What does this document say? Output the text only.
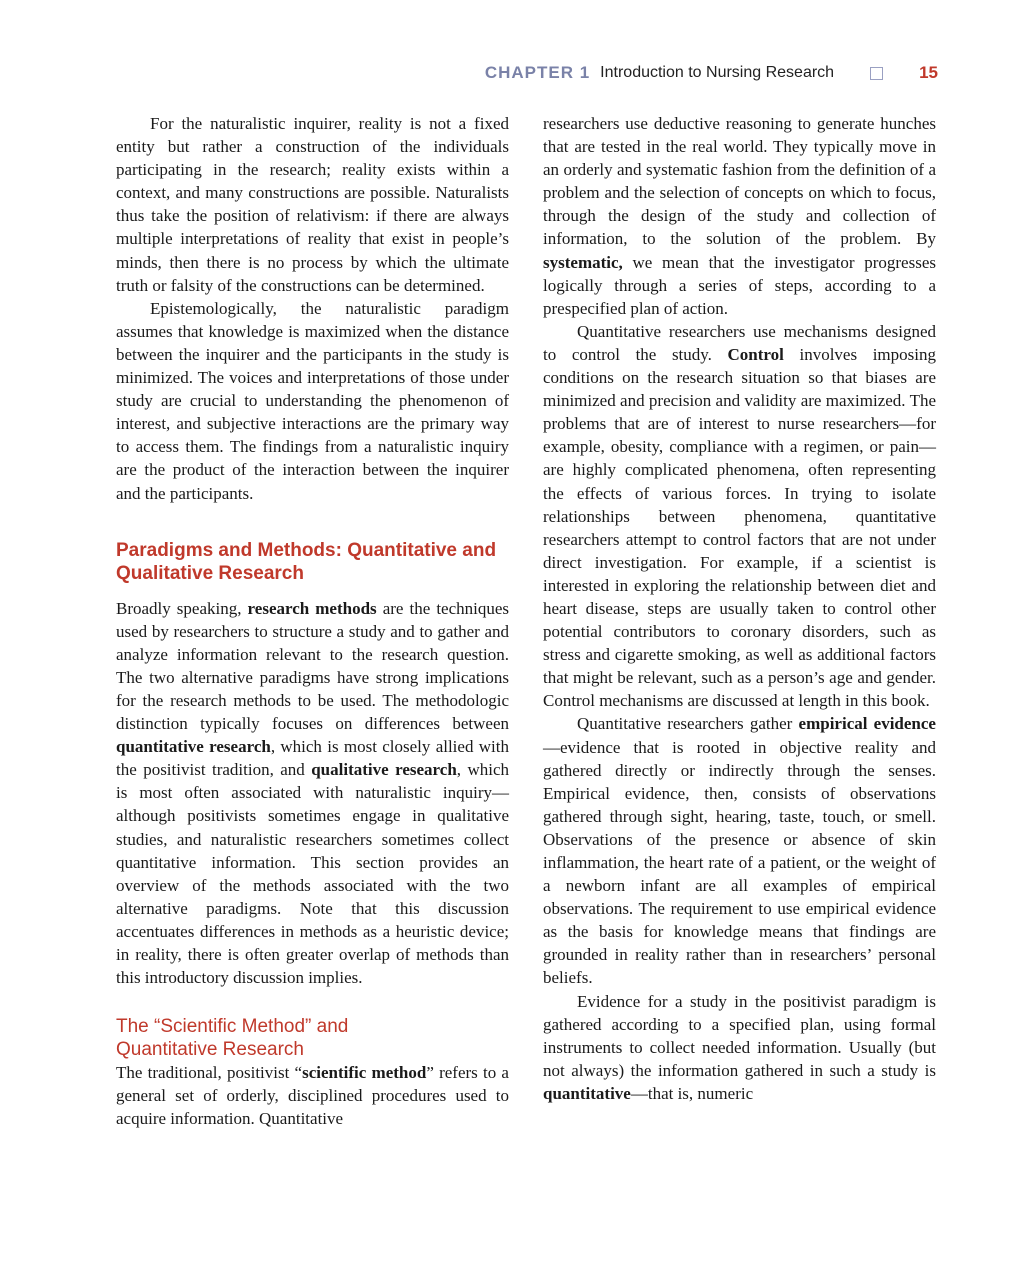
CHAPTER 1 Introduction to Nursing Research	15

For the naturalistic inquirer, reality is not a fixed entity but rather a construction of the individuals participating in the research; reality exists within a context, and many constructions are possible. Naturalists thus take the position of relativism: if there are always multiple interpretations of reality that exist in people’s minds, then there is no process by which the ultimate truth or falsity of the constructions can be determined.

Epistemologically, the naturalistic paradigm assumes that knowledge is maximized when the distance between the inquirer and the participants in the study is minimized. The voices and interpretations of those under study are crucial to understanding the phenomenon of interest, and subjective interactions are the primary way to access them. The findings from a naturalistic inquiry are the product of the interaction between the inquirer and the participants.

Paradigms and Methods: Quantitative and Qualitative Research

Broadly speaking, research methods are the techniques used by researchers to structure a study and to gather and analyze information relevant to the research question. The two alternative paradigms have strong implications for the research methods to be used. The methodologic distinction typically focuses on differences between quantitative research, which is most closely allied with the positivist tradition, and qualitative research, which is most often associated with naturalistic inquiry—although positivists sometimes engage in qualitative studies, and naturalistic researchers sometimes collect quantitative information. This section provides an overview of the methods associated with the two alternative paradigms. Note that this discussion accentuates differences in methods as a heuristic device; in reality, there is often greater overlap of methods than this introductory discussion implies.

The “Scientific Method” and
Quantitative Research

The traditional, positivist “scientific method” refers to a general set of orderly, disciplined procedures used to acquire information. Quantitative

researchers use deductive reasoning to generate hunches that are tested in the real world. They typically move in an orderly and systematic fashion from the definition of a problem and the selection of concepts on which to focus, through the design of the study and collection of information, to the solution of the problem. By systematic, we mean that the investigator progresses logically through a series of steps, according to a prespecified plan of action.

Quantitative researchers use mechanisms designed to control the study. Control involves imposing conditions on the research situation so that biases are minimized and precision and validity are maximized. The problems that are of interest to nurse researchers—for example, obesity, compliance with a regimen, or pain—are highly complicated phenomena, often representing the effects of various forces. In trying to isolate relationships between phenomena, quantitative researchers attempt to control factors that are not under direct investigation. For example, if a scientist is interested in exploring the relationship between diet and heart disease, steps are usually taken to control other potential contributors to coronary disorders, such as stress and cigarette smoking, as well as additional factors that might be relevant, such as a person’s age and gender. Control mechanisms are discussed at length in this book.

Quantitative researchers gather empirical evidence—evidence that is rooted in objective reality and gathered directly or indirectly through the senses. Empirical evidence, then, consists of observations gathered through sight, hearing, taste, touch, or smell. Observations of the presence or absence of skin inflammation, the heart rate of a patient, or the weight of a newborn infant are all examples of empirical observations. The requirement to use empirical evidence as the basis for knowledge means that findings are grounded in reality rather than in researchers’ personal beliefs.

Evidence for a study in the positivist paradigm is gathered according to a specified plan, using formal instruments to collect needed information. Usually (but not always) the information gathered in such a study is quantitative—that is, numeric
